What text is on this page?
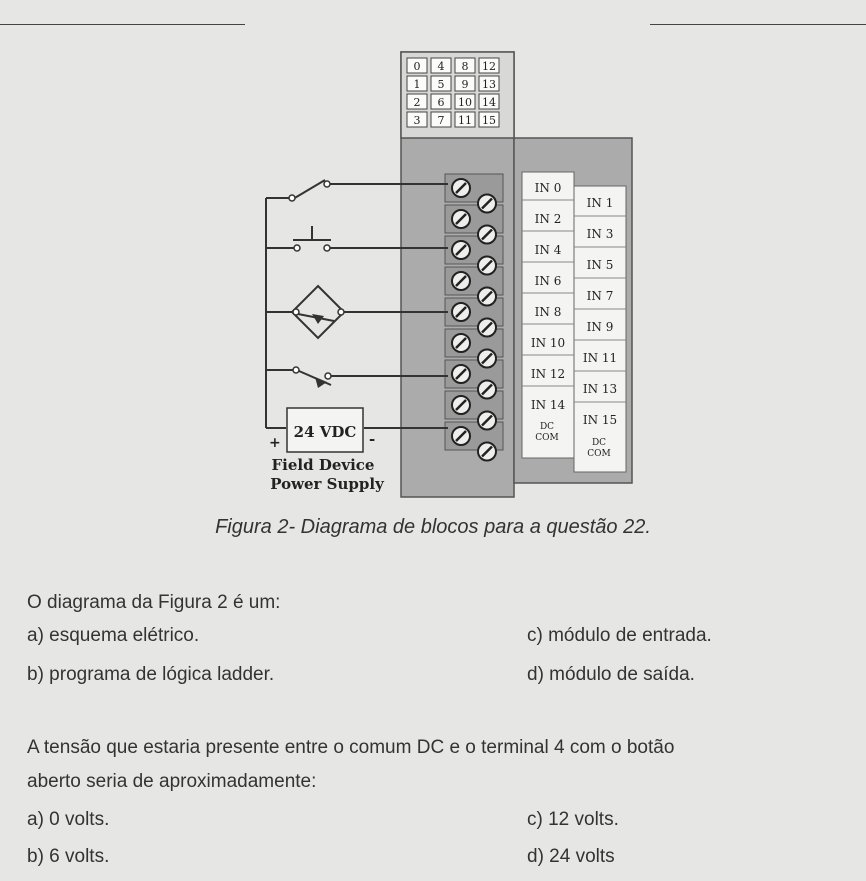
0 4 8 12
1 5 9 13
2 6 10 14
3 7 11 15
IN 0
IN 2
IN 4
IN 6
IN 8
IN 10
IN 12
IN 14
IN 1
IN 3
IN 5
IN 7
IN 9
IN 11
IN 13
IN 15
24 VDC
+	-
Field Device
Power Supply
DC
COM	DC
COM
Figura 2- Diagrama de blocos para a questão 22.
O diagrama da Figura 2 é um:
a) esquema elétrico.	c) módulo de entrada.
b) programa de lógica ladder.	d) módulo de saída.
A tensão que estaria presente entre o comum DC e o terminal 4 com o botão
aberto seria de aproximadamente:
a) 0 volts.	c) 12 volts.
b) 6 volts.	d) 24 volts
